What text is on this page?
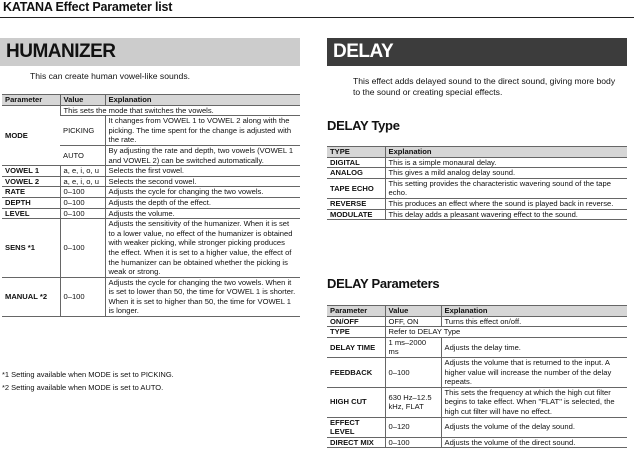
KATANA Effect Parameter list
HUMANIZER
This can create human vowel-like sounds.
Parameter	Value	Explanation
MODE	This sets the mode that switches the vowels.	
	PICKING	It changes from VOWEL 1 to VOWEL 2 along with the picking. The time spent for the change is adjusted with the rate.
	AUTO	By adjusting the rate and depth, two vowels (VOWEL 1 and VOWEL 2) can be switched automatically.
VOWEL 1	a, e, i, o, u	Selects the first vowel.
VOWEL 2	a, e, i, o, u	Selects the second vowel.
RATE	0–100	Adjusts the cycle for changing the two vowels.
DEPTH	0–100	Adjusts the depth of the effect.
LEVEL	0–100	Adjusts the volume.
SENS *1	0–100	Adjusts the sensitivity of the humanizer. When it is set to a lower value, no effect of the humanizer is obtained with weaker picking, while stronger picking produces the effect. When it is set to a higher value, the effect of the humanizer can be obtained whether the picking is weak or strong.
MANUAL *2	0–100	Adjusts the cycle for changing the two vowels. When it is set to lower than 50, the time for VOWEL 1 is shorter. When it is set to higher than 50, the time for VOWEL 1 is longer.
*1 Setting available when MODE is set to PICKING.
*2 Setting available when MODE is set to AUTO.
DELAY
This effect adds delayed sound to the direct sound, giving more body to the sound or creating special effects.
DELAY Type
TYPE	Explanation
DIGITAL	This is a simple monaural delay.
ANALOG	This gives a mild analog delay sound.
TAPE ECHO	This setting provides the characteristic wavering sound of the tape echo.
REVERSE	This produces an effect where the sound is played back in reverse.
MODULATE	This delay adds a pleasant wavering effect to the sound.
DELAY Parameters
Parameter	Value	Explanation
ON/OFF	OFF, ON	Turns this effect on/off.
TYPE	Refer to DELAY Type	
DELAY TIME	1 ms–2000 ms	Adjusts the delay time.
FEEDBACK	0–100	Adjusts the volume that is returned to the input. A higher value will increase the number of the delay repeats.
HIGH CUT	630 Hz–12.5 kHz, FLAT	This sets the frequency at which the high cut filter begins to take effect. When "FLAT" is selected, the high cut filter will have no effect.
EFFECT LEVEL	0–120	Adjusts the volume of the delay sound.
DIRECT MIX	0–100	Adjusts the volume of the direct sound.
